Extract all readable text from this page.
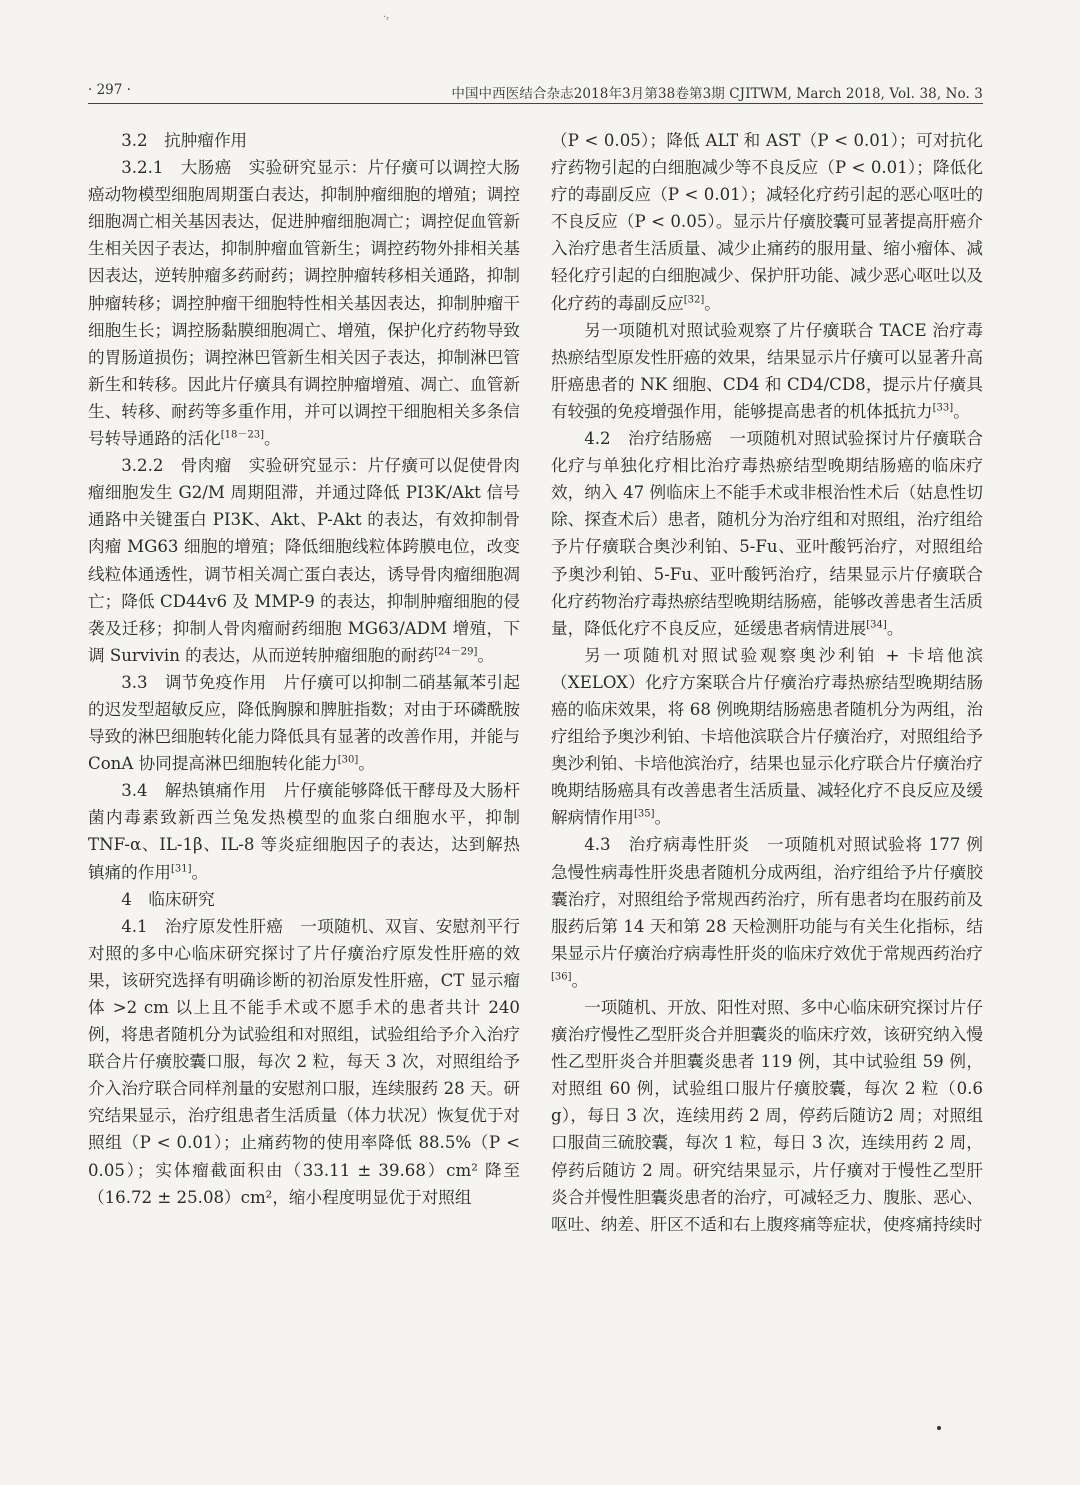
·ᵣ
· 297 ·	中国中西医结合杂志2018年3月第38卷第3期 CJITWM, March 2018, Vol. 38, No. 3

3.2　抗肿瘤作用

3.2.1　大肠癌　实验研究显示：片仔癀可以调控大肠癌动物模型细胞周期蛋白表达，抑制肿瘤细胞的增殖；调控细胞凋亡相关基因表达，促进肿瘤细胞凋亡；调控促血管新生相关因子表达，抑制肿瘤血管新生；调控药物外排相关基因表达，逆转肿瘤多药耐药；调控肿瘤转移相关通路，抑制肿瘤转移；调控肿瘤干细胞特性相关基因表达，抑制肿瘤干细胞生长；调控肠黏膜细胞凋亡、增殖，保护化疗药物导致的胃肠道损伤；调控淋巴管新生相关因子表达，抑制淋巴管新生和转移。因此片仔癀具有调控肿瘤增殖、凋亡、血管新生、转移、耐药等多重作用，并可以调控干细胞相关多条信号转导通路的活化[18－23]。

3.2.2　骨肉瘤　实验研究显示：片仔癀可以促使骨肉瘤细胞发生 G2/M 周期阻滞，并通过降低 PI3K/Akt 信号通路中关键蛋白 PI3K、Akt、P-Akt 的表达，有效抑制骨肉瘤 MG63 细胞的增殖；降低细胞线粒体跨膜电位，改变线粒体通透性，调节相关凋亡蛋白表达，诱导骨肉瘤细胞凋亡；降低 CD44v6 及 MMP-9 的表达，抑制肿瘤细胞的侵袭及迁移；抑制人骨肉瘤耐药细胞 MG63/ADM 增殖，下调 Survivin 的表达，从而逆转肿瘤细胞的耐药[24－29]。

3.3　调节免疫作用　片仔癀可以抑制二硝基氟苯引起的迟发型超敏反应，降低胸腺和脾脏指数；对由于环磷酰胺导致的淋巴细胞转化能力降低具有显著的改善作用，并能与 ConA 协同提高淋巴细胞转化能力[30]。

3.4　解热镇痛作用　片仔癀能够降低干酵母及大肠杆菌内毒素致新西兰兔发热模型的血浆白细胞水平，抑制 TNF-α、IL-1β、IL-8 等炎症细胞因子的表达，达到解热镇痛的作用[31]。

4　临床研究

4.1　治疗原发性肝癌　一项随机、双盲、安慰剂平行对照的多中心临床研究探讨了片仔癀治疗原发性肝癌的效果，该研究选择有明确诊断的初治原发性肝癌，CT 显示瘤体 >2 cm 以上且不能手术或不愿手术的患者共计 240 例，将患者随机分为试验组和对照组，试验组给予介入治疗联合片仔癀胶囊口服，每次 2 粒，每天 3 次，对照组给予介入治疗联合同样剂量的安慰剂口服，连续服药 28 天。研究结果显示，治疗组患者生活质量（体力状况）恢复优于对照组（P < 0.01）；止痛药物的使用率降低 88.5%（P < 0.05）；实体瘤截面积由（33.11 ± 39.68）cm² 降至（16.72 ± 25.08）cm²，缩小程度明显优于对照组

（P < 0.05）；降低 ALT 和 AST（P < 0.01）；可对抗化疗药物引起的白细胞减少等不良反应（P < 0.01）；降低化疗的毒副反应（P < 0.01）；减轻化疗药引起的恶心呕吐的不良反应（P < 0.05）。显示片仔癀胶囊可显著提高肝癌介入治疗患者生活质量、减少止痛药的服用量、缩小瘤体、减轻化疗引起的白细胞减少、保护肝功能、减少恶心呕吐以及化疗药的毒副反应[32]。

另一项随机对照试验观察了片仔癀联合 TACE 治疗毒热瘀结型原发性肝癌的效果，结果显示片仔癀可以显著升高肝癌患者的 NK 细胞、CD4 和 CD4/CD8，提示片仔癀具有较强的免疫增强作用，能够提高患者的机体抵抗力[33]。

4.2　治疗结肠癌　一项随机对照试验探讨片仔癀联合化疗与单独化疗相比治疗毒热瘀结型晚期结肠癌的临床疗效，纳入 47 例临床上不能手术或非根治性术后（姑息性切除、探查术后）患者，随机分为治疗组和对照组，治疗组给予片仔癀联合奥沙利铂、5-Fu、亚叶酸钙治疗，对照组给予奥沙利铂、5-Fu、亚叶酸钙治疗，结果显示片仔癀联合化疗药物治疗毒热瘀结型晚期结肠癌，能够改善患者生活质量，降低化疗不良反应，延缓患者病情进展[34]。

另一项随机对照试验观察奥沙利铂 + 卡培他滨（XELOX）化疗方案联合片仔癀治疗毒热瘀结型晚期结肠癌的临床效果，将 68 例晚期结肠癌患者随机分为两组，治疗组给予奥沙利铂、卡培他滨联合片仔癀治疗，对照组给予奥沙利铂、卡培他滨治疗，结果也显示化疗联合片仔癀治疗晚期结肠癌具有改善患者生活质量、减轻化疗不良反应及缓解病情作用[35]。

4.3　治疗病毒性肝炎　一项随机对照试验将 177 例急慢性病毒性肝炎患者随机分成两组，治疗组给予片仔癀胶囊治疗，对照组给予常规西药治疗，所有患者均在服药前及服药后第 14 天和第 28 天检测肝功能与有关生化指标，结果显示片仔癀治疗病毒性肝炎的临床疗效优于常规西药治疗[36]。

一项随机、开放、阳性对照、多中心临床研究探讨片仔癀治疗慢性乙型肝炎合并胆囊炎的临床疗效，该研究纳入慢性乙型肝炎合并胆囊炎患者 119 例，其中试验组 59 例，对照组 60 例，试验组口服片仔癀胶囊，每次 2 粒（0.6 g），每日 3 次，连续用药 2 周，停药后随访2 周；对照组口服茴三硫胶囊，每次 1 粒，每日 3 次，连续用药 2 周，停药后随访 2 周。研究结果显示，片仔癀对于慢性乙型肝炎合并慢性胆囊炎患者的治疗，可减轻乏力、腹胀、恶心、呕吐、纳差、肝区不适和右上腹疼痛等症状，使疼痛持续时
